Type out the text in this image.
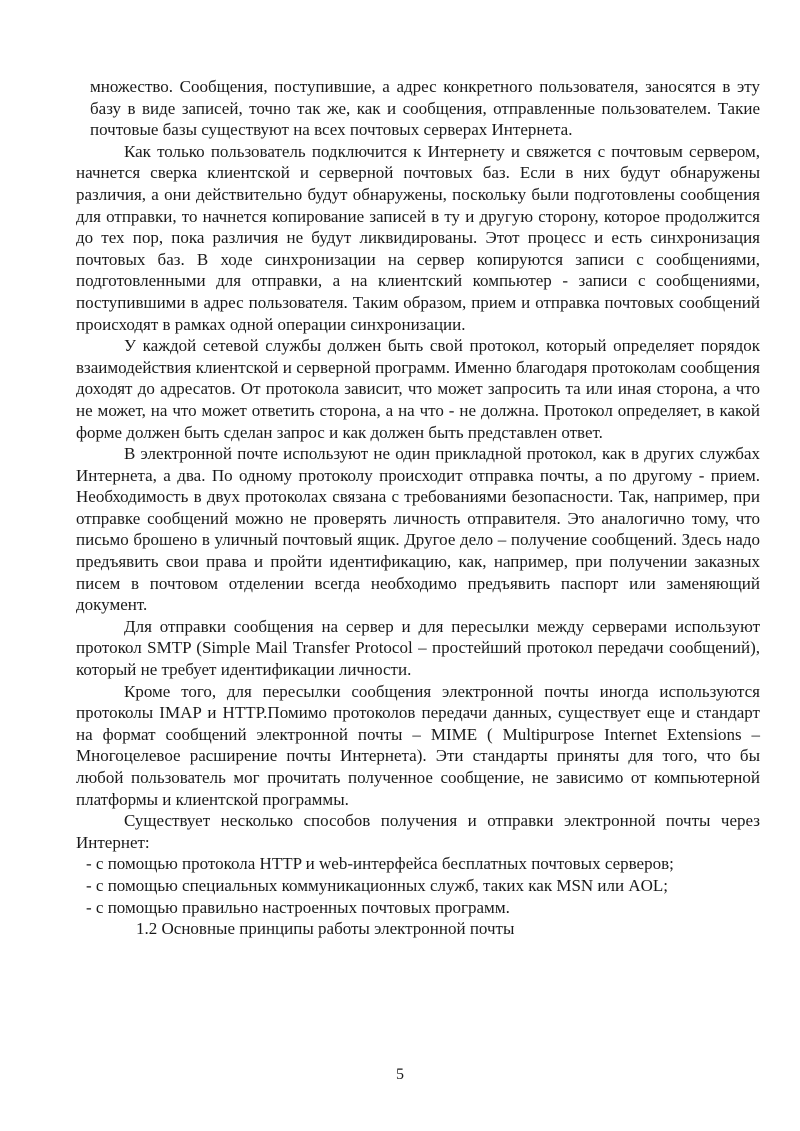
множество. Сообщения, поступившие, а адрес конкретного пользователя, заносятся в эту базу в виде записей, точно так же, как и сообщения, отправленные пользователем. Такие почтовые базы существуют на всех почтовых серверах Интернета.

Как только пользователь подключится к Интернету и свяжется с почтовым сервером, начнется сверка клиентской и серверной почтовых баз. Если в них будут обнаружены различия, а они действительно будут обнаружены, поскольку были подготовлены сообщения для отправки, то начнется копирование записей в ту и другую сторону, которое продолжится до тех пор, пока различия не будут ликвидированы. Этот процесс и есть синхронизация почтовых баз. В ходе синхронизации на сервер копируются записи с сообщениями, подготовленными для отправки, а на клиентский компьютер - записи с сообщениями, поступившими в адрес пользователя. Таким образом, прием и отправка почтовых сообщений происходят в рамках одной операции синхронизации.

У каждой сетевой службы должен быть свой протокол, который определяет порядок взаимодействия клиентской и серверной программ. Именно благодаря протоколам сообщения доходят до адресатов. От протокола зависит, что может запросить та или иная сторона, а что не может, на что может ответить сторона, а на что - не должна. Протокол определяет, в какой форме должен быть сделан запрос и как должен быть представлен ответ.

В электронной почте используют не один прикладной протокол, как в других службах Интернета, а два. По одному протоколу происходит отправка почты, а по другому - прием. Необходимость в двух протоколах связана с требованиями безопасности. Так, например, при отправке сообщений можно не проверять личность отправителя. Это аналогично тому, что письмо брошено в уличный почтовый ящик. Другое дело – получение сообщений. Здесь надо предъявить свои права и пройти идентификацию, как, например, при получении заказных писем в почтовом отделении всегда необходимо предъявить паспорт или заменяющий документ.

Для отправки сообщения на сервер и для пересылки между серверами используют протокол SMTP (Simple Mail Transfer Protocol – простейший протокол передачи сообщений), который не требует идентификации личности.

Кроме того, для пересылки сообщения электронной почты иногда используются протоколы IMAP и HTTP.Помимо протоколов передачи данных, существует еще и стандарт на формат сообщений электронной почты – MIME ( Multipurpose Internet Extensions – Многоцелевое расширение почты Интернета). Эти стандарты приняты для того, что бы любой пользователь мог прочитать полученное сообщение, не зависимо от компьютерной платформы и клиентской программы.

Существует несколько способов получения и отправки электронной почты через Интернет:

- с помощью протокола HTTP и web-интерфейса бесплатных почтовых серверов;

- с помощью специальных коммуникационных служб, таких как MSN или AOL;

- с помощью правильно настроенных почтовых программ.

1.2 Основные принципы работы электронной почты

5
